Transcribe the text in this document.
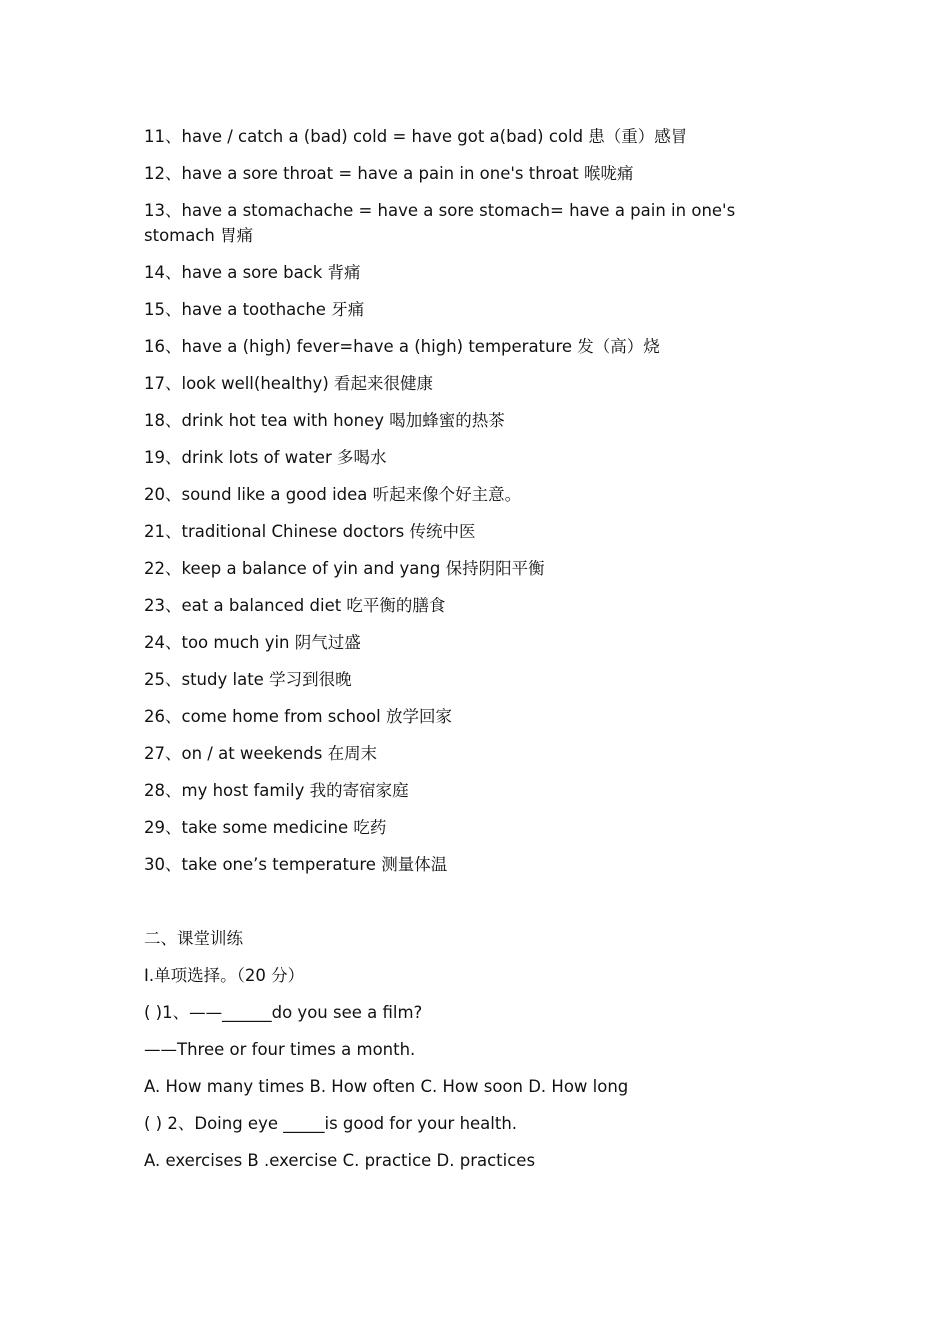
11、have / catch a (bad) cold = have got a(bad) cold 患（重）感冒

12、have a sore throat = have a pain in one's throat 喉咙痛

13、have a stomachache = have a sore stomach= have a pain in one's stomach 胃痛

14、have a sore back 背痛

15、have a toothache 牙痛

16、have a (high) fever=have a (high) temperature 发（高）烧

17、look well(healthy) 看起来很健康

18、drink hot tea with honey 喝加蜂蜜的热茶

19、drink lots of water 多喝水

20、sound like a good idea 听起来像个好主意。

21、traditional Chinese doctors 传统中医

22、keep a balance of yin and yang 保持阴阳平衡

23、eat a balanced diet 吃平衡的膳食

24、too much yin 阴气过盛

25、study late 学习到很晚

26、come home from school 放学回家

27、on / at weekends 在周末

28、my host family 我的寄宿家庭

29、take some medicine 吃药

30、take one’s temperature 测量体温

二、课堂训练

I.单项选择。（20 分）

( )1、——______do you see a film?

——Three or four times a month.

A. How many times B. How often C. How soon D. How long

( ) 2、Doing eye _____is good for your health.

A. exercises B .exercise C. practice D. practices
